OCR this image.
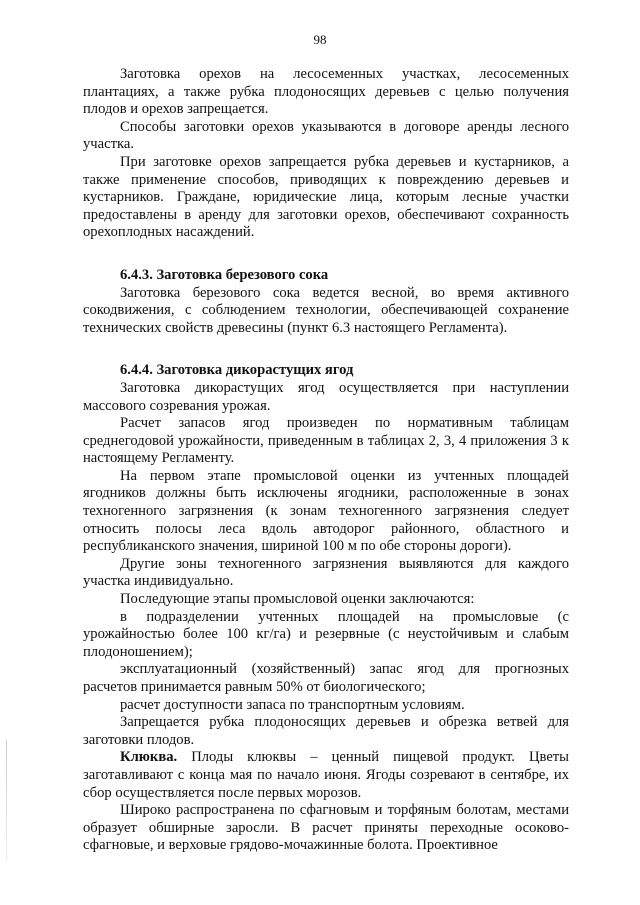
98

Заготовка орехов на лесосеменных участках, лесосеменных плантациях, а также рубка плодоносящих деревьев с целью получения плодов и орехов запрещается.

Способы заготовки орехов указываются в договоре аренды лесного участка.

При заготовке орехов запрещается рубка деревьев и кустарников, а также применение способов, приводящих к повреждению деревьев и кустарников. Граждане, юридические лица, которым лесные участки предоставлены в аренду для заготовки орехов, обеспечивают сохранность орехоплодных насаждений.

6.4.3. Заготовка березового сока

Заготовка березового сока ведется весной, во время активного сокодвижения, с соблюдением технологии, обеспечивающей сохранение технических свойств древесины (пункт 6.3 настоящего Регламента).

6.4.4. Заготовка дикорастущих ягод

Заготовка дикорастущих ягод осуществляется при наступлении массового созревания урожая.

Расчет запасов ягод произведен по нормативным таблицам среднегодовой урожайности, приведенным в таблицах 2, 3, 4 приложения 3 к настоящему Регламенту.

На первом этапе промысловой оценки из учтенных площадей ягодников должны быть исключены ягодники, расположенные в зонах техногенного загрязнения (к зонам техногенного загрязнения следует относить полосы леса вдоль автодорог районного, областного и республиканского значения, шириной 100 м по обе стороны дороги).

Другие зоны техногенного загрязнения выявляются для каждого участка индивидуально.

Последующие этапы промысловой оценки заключаются:

в подразделении учтенных площадей на промысловые (с урожайностью более 100 кг/га) и резервные (с неустойчивым и слабым плодоношением);

эксплуатационный (хозяйственный) запас ягод для прогнозных расчетов принимается равным 50% от биологического;

расчет доступности запаса по транспортным условиям.

Запрещается рубка плодоносящих деревьев и обрезка ветвей для заготовки плодов.

Клюква. Плоды клюквы – ценный пищевой продукт. Цветы заготавливают с конца мая по начало июня. Ягоды созревают в сентябре, их сбор осуществляется после первых морозов.

Широко распространена по сфагновым и торфяным болотам, местами образует обширные заросли. В расчет приняты переходные осоково-сфагновые, и верховые грядово-мочажинные болота. Проективное
